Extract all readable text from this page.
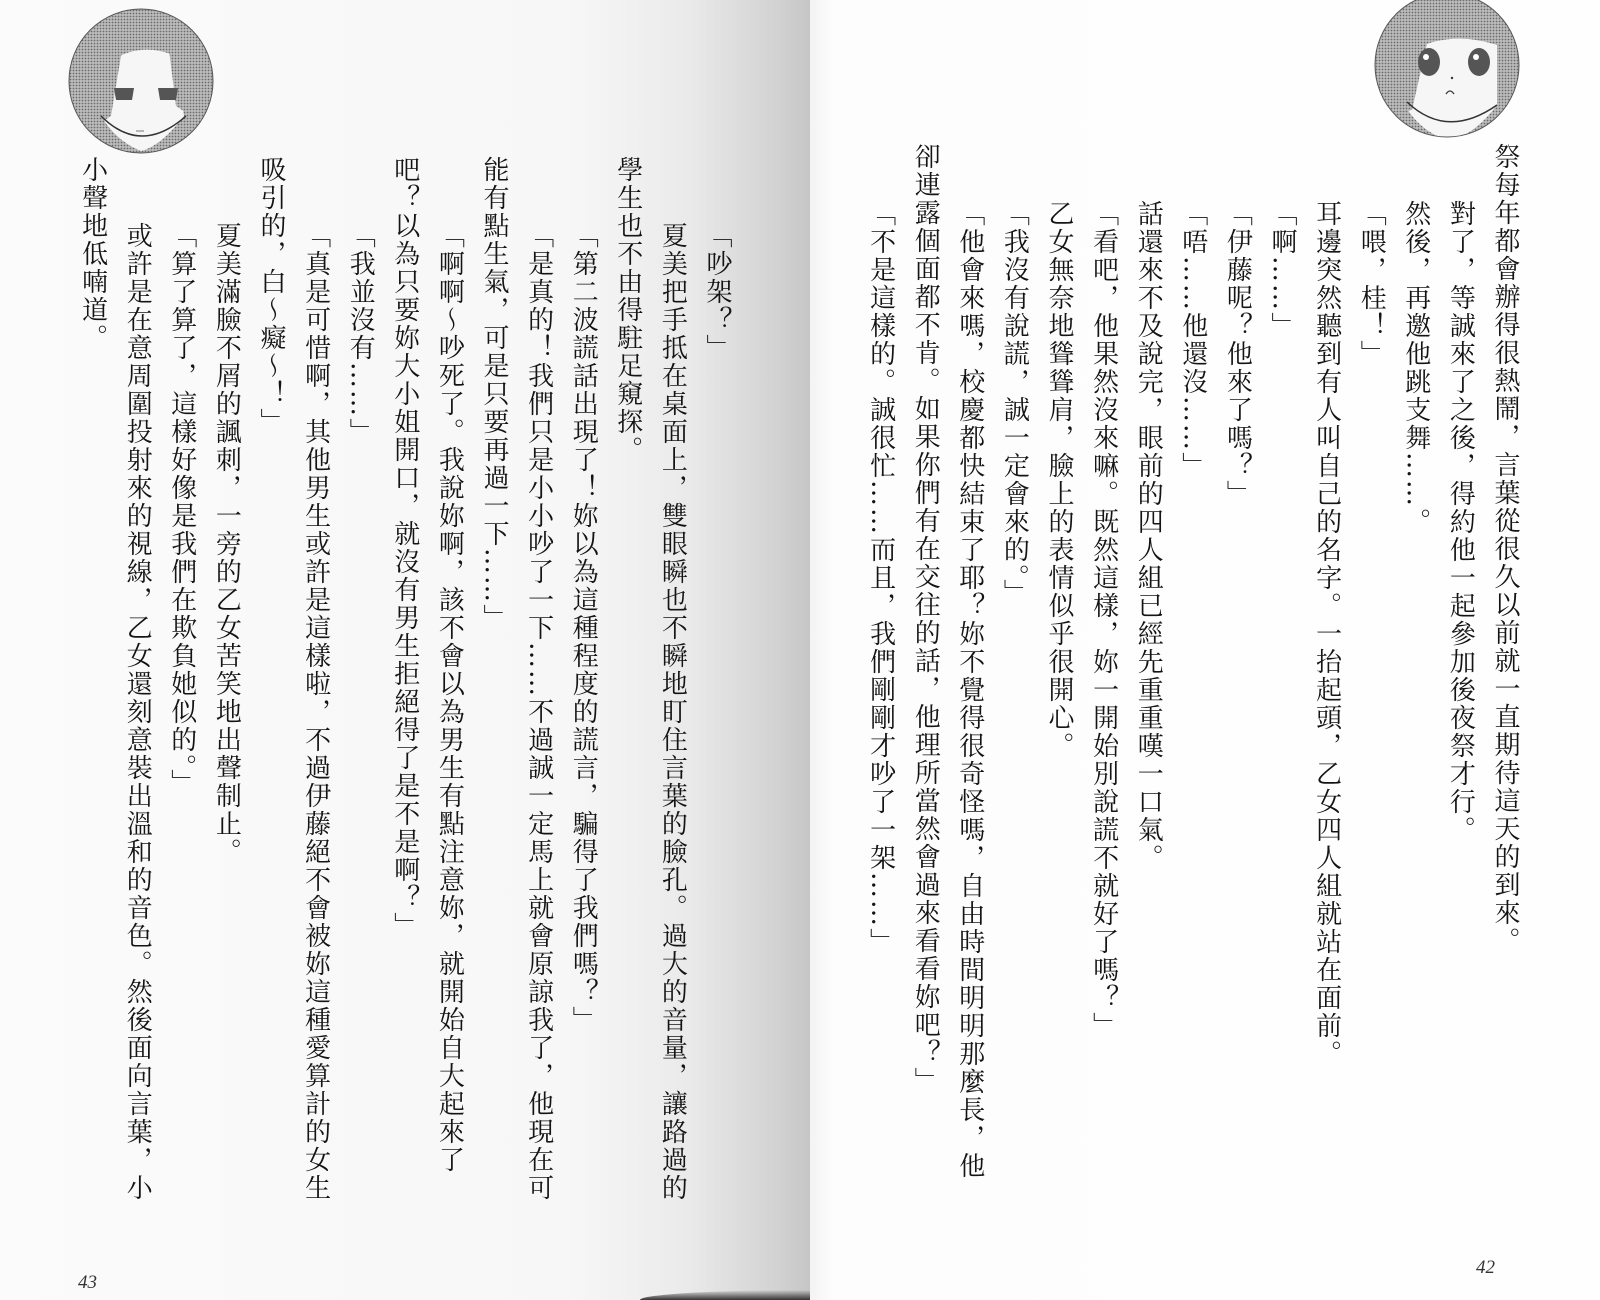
「吵架？」
夏美把手抵在桌面上，雙眼瞬也不瞬地盯住言葉的臉孔。過大的音量，讓路過的
學生也不由得駐足窺探。
「第二波謊話出現了！妳以為這種程度的謊言，騙得了我們嗎？」
「是真的！我們只是小小吵了一下……不過誠一定馬上就會原諒我了，他現在可
能有點生氣，可是只要再過一下……」
「啊啊～吵死了。我說妳啊，該不會以為男生有點注意妳，就開始自大起來了
吧？以為只要妳大小姐開口，就沒有男生拒絕得了是不是啊？」
「我並沒有……」
「真是可惜啊，其他男生或許是這樣啦，不過伊藤絕不會被妳這種愛算計的女生
吸引的，白～癡～！」
夏美滿臉不屑的諷刺，一旁的乙女苦笑地出聲制止。
「算了算了，這樣好像是我們在欺負她似的。」
或許是在意周圍投射來的視線，乙女還刻意裝出溫和的音色。然後面向言葉，小
小聲地低喃道。
43
祭每年都會辦得很熱鬧，言葉從很久以前就一直期待這天的到來。
對了，等誠來了之後，得約他一起參加後夜祭才行。
然後，再邀他跳支舞……。
「喂，桂！」
耳邊突然聽到有人叫自己的名字。一抬起頭，乙女四人組就站在面前。
「啊……」
「伊藤呢？他來了嗎？」
「唔……他還沒……」
話還來不及說完，眼前的四人組已經先重重嘆一口氣。
「看吧，他果然沒來嘛。既然這樣，妳一開始別說謊不就好了嗎？」
乙女無奈地聳聳肩，臉上的表情似乎很開心。
「我沒有說謊，誠一定會來的。」
「他會來嗎，校慶都快結束了耶？妳不覺得很奇怪嗎，自由時間明明那麼長，他
卻連露個面都不肯。如果你們有在交往的話，他理所當然會過來看看妳吧？」
「不是這樣的。誠很忙……而且，我們剛剛才吵了一架……」
42
